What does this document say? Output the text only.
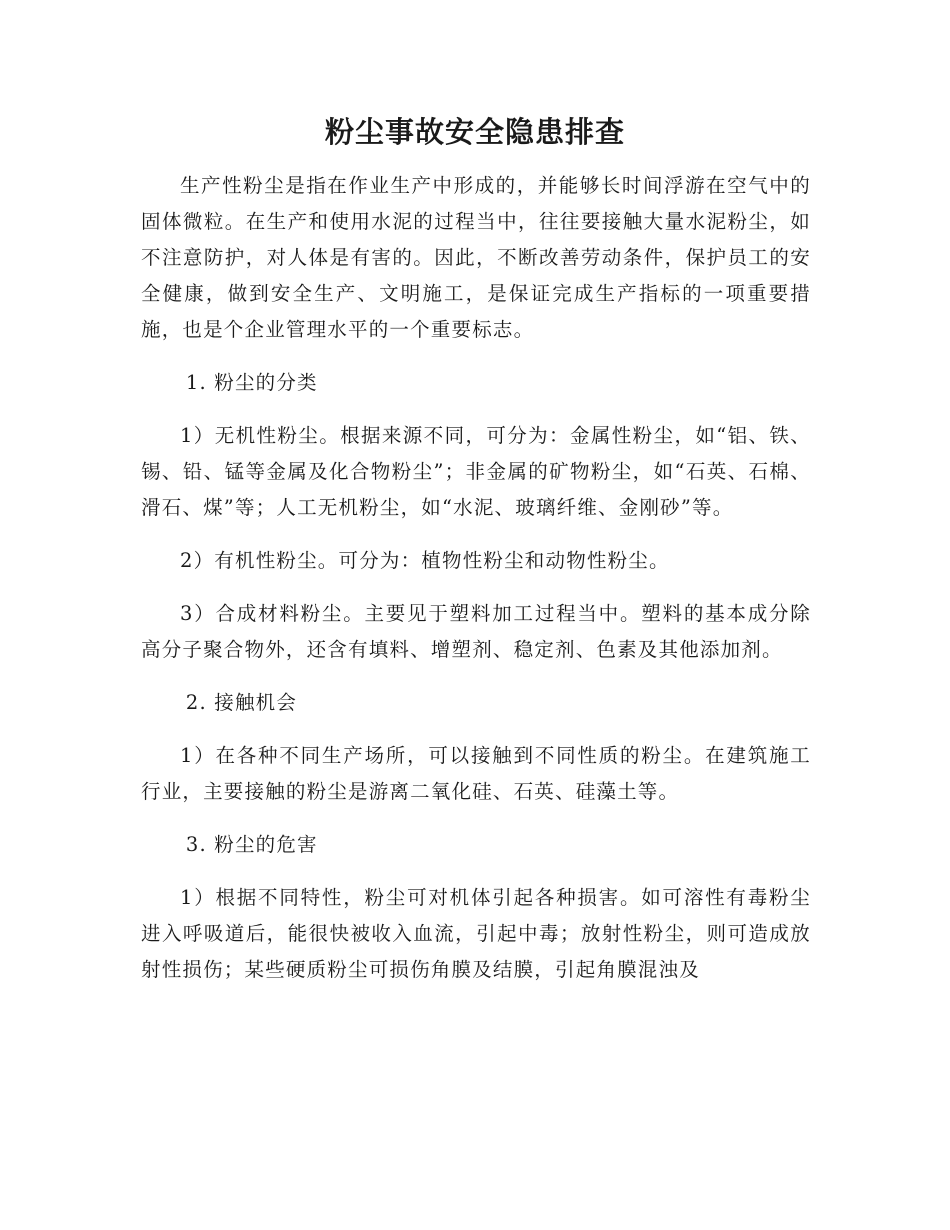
粉尘事故安全隐患排查

生产性粉尘是指在作业生产中形成的，并能够长时间浮游在空气中的固体微粒。在生产和使用水泥的过程当中，往往要接触大量水泥粉尘，如不注意防护，对人体是有害的。因此，不断改善劳动条件，保护员工的安全健康，做到安全生产、文明施工，是保证完成生产指标的一项重要措施，也是个企业管理水平的一个重要标志。

1. 粉尘的分类

1）无机性粉尘。根据来源不同，可分为：金属性粉尘，如“铝、铁、锡、铅、锰等金属及化合物粉尘”；非金属的矿物粉尘，如“石英、石棉、滑石、煤”等；人工无机粉尘，如“水泥、玻璃纤维、金刚砂”等。

2）有机性粉尘。可分为：植物性粉尘和动物性粉尘。

3）合成材料粉尘。主要见于塑料加工过程当中。塑料的基本成分除高分子聚合物外，还含有填料、增塑剂、稳定剂、色素及其他添加剂。

2. 接触机会

1）在各种不同生产场所，可以接触到不同性质的粉尘。在建筑施工行业，主要接触的粉尘是游离二氧化硅、石英、硅藻土等。

3. 粉尘的危害

1）根据不同特性，粉尘可对机体引起各种损害。如可溶性有毒粉尘进入呼吸道后，能很快被收入血流，引起中毒；放射性粉尘，则可造成放射性损伤；某些硬质粉尘可损伤角膜及结膜，引起角膜混浊及
